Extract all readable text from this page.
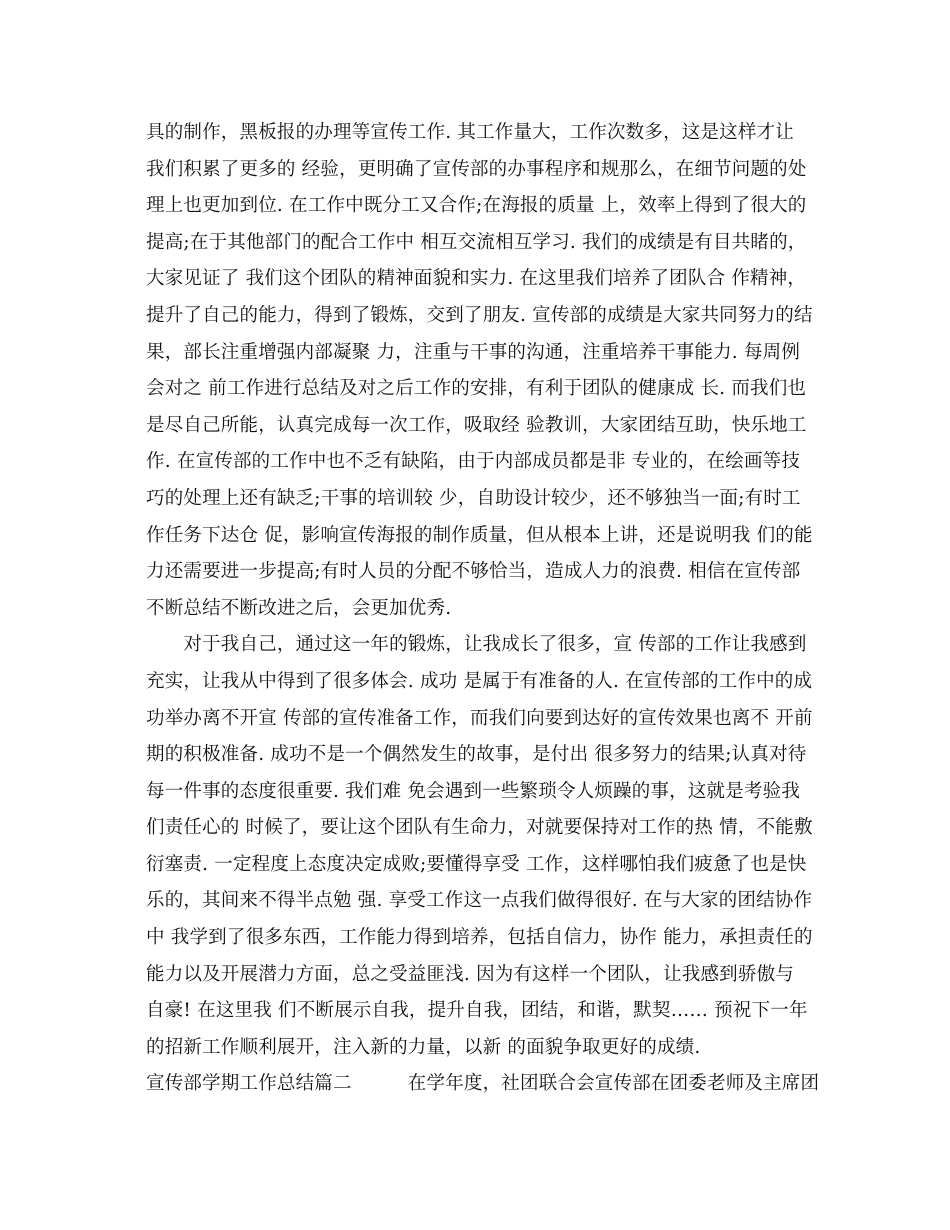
具的制作，黑板报的办理等宣传工作. 其工作量大，工作次数多，这是这样才让
我们积累了更多的 经验，更明确了宣传部的办事程序和规那么，在细节问题的处
理上也更加到位. 在工作中既分工又合作;在海报的质量 上，效率上得到了很大的
提高;在于其他部门的配合工作中 相互交流相互学习. 我们的成绩是有目共睹的，
大家见证了 我们这个团队的精神面貌和实力. 在这里我们培养了团队合 作精神，
提升了自己的能力，得到了锻炼，交到了朋友. 宣传部的成绩是大家共同努力的结
果，部长注重增强内部凝聚 力，注重与干事的沟通，注重培养干事能力. 每周例
会对之 前工作进行总结及对之后工作的安排，有利于团队的健康成 长. 而我们也
是尽自己所能，认真完成每一次工作，吸取经 验教训，大家团结互助，快乐地工
作. 在宣传部的工作中也不乏有缺陷，由于内部成员都是非 专业的，在绘画等技
巧的处理上还有缺乏;干事的培训较 少，自助设计较少，还不够独当一面;有时工
作任务下达仓 促，影响宣传海报的制作质量，但从根本上讲，还是说明我 们的能
力还需要进一步提高;有时人员的分配不够恰当，造成人力的浪费. 相信在宣传部
不断总结不断改进之后，会更加优秀.
　　对于我自己，通过这一年的锻炼，让我成长了很多，宣 传部的工作让我感到
充实，让我从中得到了很多体会. 成功 是属于有准备的人. 在宣传部的工作中的成
功举办离不开宣 传部的宣传准备工作，而我们向要到达好的宣传效果也离不 开前
期的积极准备. 成功不是一个偶然发生的故事，是付出 很多努力的结果;认真对待
每一件事的态度很重要. 我们难 免会遇到一些繁琐令人烦躁的事，这就是考验我
们责任心的 时候了，要让这个团队有生命力，对就要保持对工作的热 情，不能敷
衍塞责. 一定程度上态度决定成败;要懂得享受 工作，这样哪怕我们疲惫了也是快
乐的，其间来不得半点勉 强. 享受工作这一点我们做得很好. 在与大家的团结协作
中 我学到了很多东西，工作能力得到培养，包括自信力，协作 能力，承担责任的
能力以及开展潜力方面，总之受益匪浅. 因为有这样一个团队，让我感到骄傲与
自豪! 在这里我 们不断展示自我，提升自我，团结，和谐，默契…… 预祝下一年
的招新工作顺利展开，注入新的力量，以新 的面貌争取更好的成绩.
宣传部学期工作总结篇二　　　在学年度，社团联合会宣传部在团委老师及主席团
